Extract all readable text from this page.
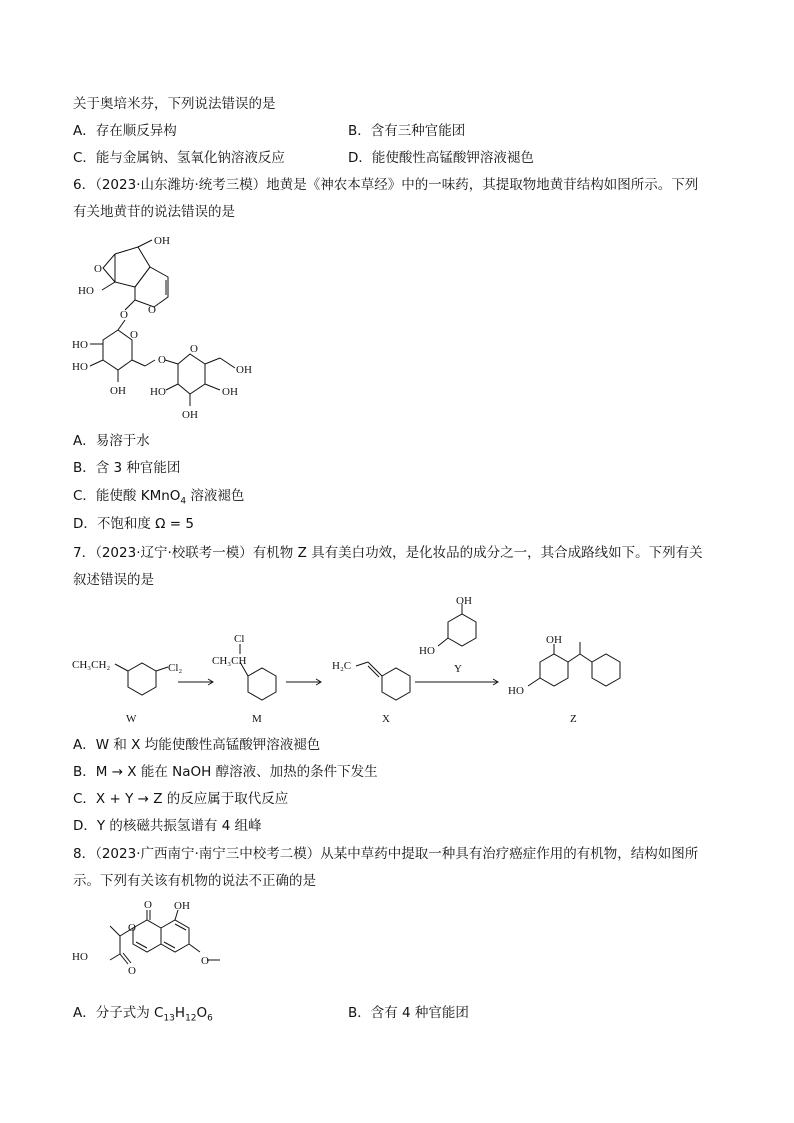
关于奥培米芬，下列说法错误的是
A．存在顺反异构	B．含有三种官能团
C．能与金属钠、氢氧化钠溶液反应	D．能使酸性高锰酸钾溶液褪色
6．（2023·山东潍坊·统考三模）地黄是《神农本草经》中的一味药，其提取物地黄苷结构如图所示。下列
有关地黄苷的说法错误的是
OH
O
HO
O
O
O
O
O
OH
HO
HO
OH HO	OH
OH
A．易溶于水
B．含 3 种官能团
C．能使酸 KMnO$_4$ 溶液褪色
D．不饱和度 Ω = 5
7．（2023·辽宁·校联考一模）有机物 Z 具有美白功效，是化妆品的成分之一，其合成路线如下。下列有关
叙述错误的是
CH₃CH₂	Cl₂
Cl
CH₃CH	H₂C
OH
HO
OH
HO
W	M	X
Y
Z
A．W 和 X 均能使酸性高锰酸钾溶液褪色
B．M → X 能在 NaOH 醇溶液、加热的条件下发生
C．X + Y → Z 的反应属于取代反应
D．Y 的核磁共振氢谱有 4 组峰
8．（2023·广西南宁·南宁三中校考二模）从某中草药中提取一种具有治疗癌症作用的有机物，结构如图所
示。下列有关该有机物的说法不正确的是
O
O OH
HO
O
O
A．分子式为 $C_{13}H_{12}O_6$	B．含有 4 种官能团
